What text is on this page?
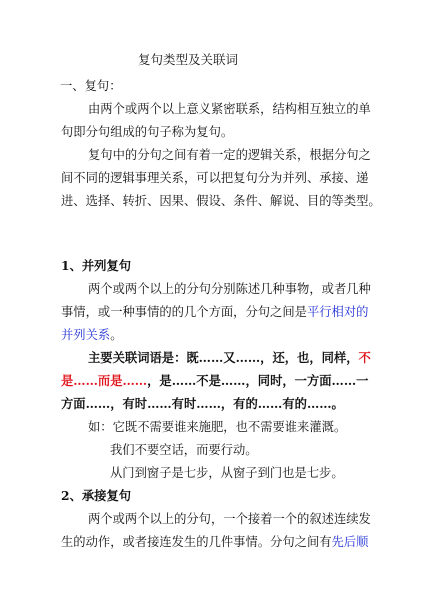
复句类型及关联词
一、复句：
由两个或两个以上意义紧密联系，结构相互独立的单
句即分句组成的句子称为复句。
复句中的分句之间有着一定的逻辑关系，根据分句之
间不同的逻辑事理关系，可以把复句分为并列、承接、递
进、选择、转折、因果、假设、条件、解说、目的等类型。
1、并列复句
两个或两个以上的分句分别陈述几种事物，或者几种
事情，或一种事情的的几个方面，分句之间是平行相对的
并列关系。
主要关联词语是：既……又……，还，也，同样，不
是……而是……，是……不是……，同时，一方面……一
方面……，有时……有时……，有的……有的……。
如：它既不需要谁来施肥，也不需要谁来灌溉。
我们不要空话，而要行动。
从门到窗子是七步，从窗子到门也是七步。
2、承接复句
两个或两个以上的分句，一个接着一个的叙述连续发
生的动作，或者接连发生的几件事情。分句之间有先后顺
